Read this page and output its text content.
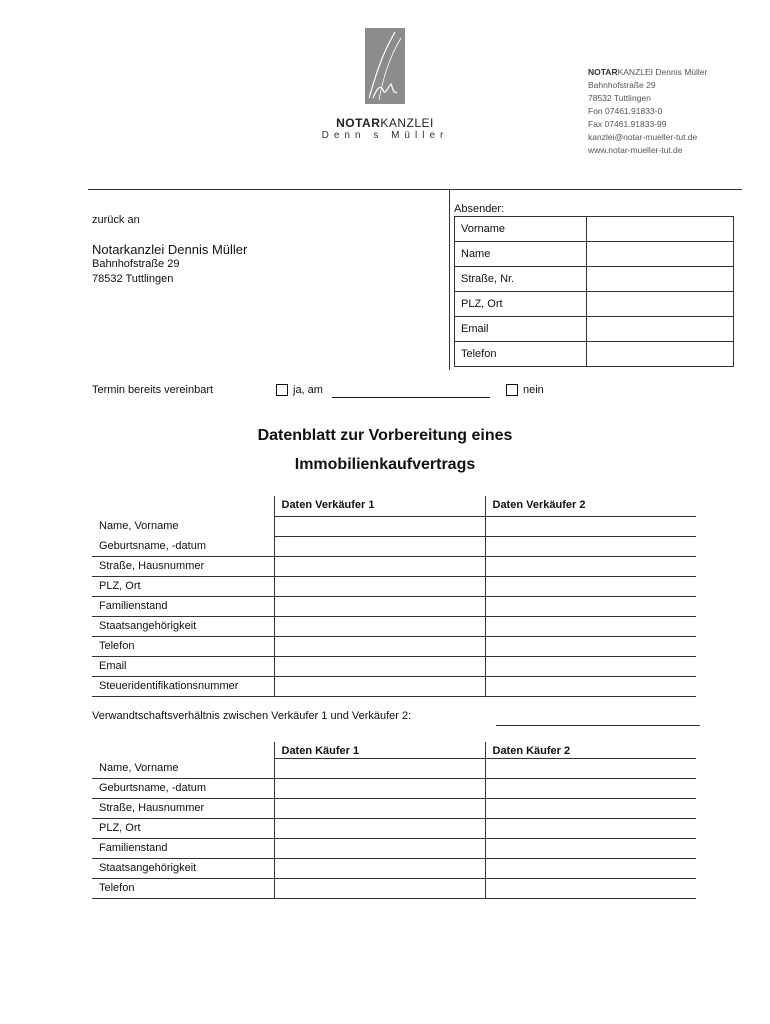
NOTARKANZLEI
Denn s Müller
NOTARKANZLEI Dennis Müller
Bahnhofstraße 29
78532 Tuttlingen
Fon 07461.91833-0
Fax 07461.91833-99
kanzlei@notar-mueller-tut.de
www.notar-mueller-tut.de
zurück an
Notarkanzlei Dennis Müller
Bahnhofstraße 29
78532 Tuttlingen
Absender:
Vorname	
Name	
Straße, Nr.	
PLZ, Ort	
Email	
Telefon	
Termin bereits vereinbart	ja, am	nein
Datenblatt zur Vorbereitung eines
Immobilienkaufvertrags
	Daten Verkäufer 1	Daten Verkäufer 2
Name, Vorname		
Geburtsname, -datum		
Straße, Hausnummer		
PLZ, Ort		
Familienstand		
Staatsangehörigkeit		
Telefon		
Email		
Steueridentifikationsnummer		
Verwandtschaftsverhältnis zwischen Verkäufer 1 und Verkäufer 2:
	Daten Käufer 1	Daten Käufer 2
Name, Vorname		
Geburtsname, -datum		
Straße, Hausnummer		
PLZ, Ort		
Familienstand		
Staatsangehörigkeit		
Telefon		
